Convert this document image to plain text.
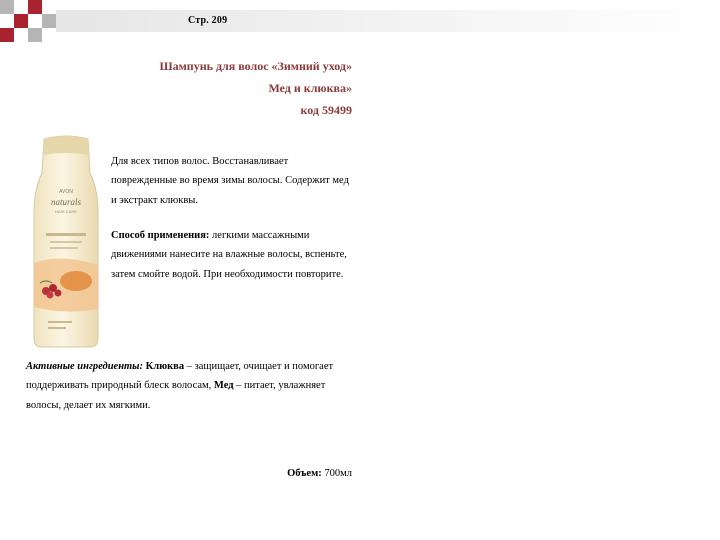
Стр. 209
Шампунь для волос «Зимний уход»
Мед и клюква»
код 59499
AVON
naturals
HAIR CARE
Для всех типов волос. Восстанавливает поврежденные во время зимы волосы. Содержит мед и экстракт клюквы.
Способ применения: легкими массажными движениями нанесите на влажные волосы, вспеньте, затем смойте водой. При необходимости повторите.
Активные ингредиенты: Клюква – защищает, очищает и помогает поддерживать природный блеск волосам, Мед – питает, увлажняет волосы, делает их мягкими.
Объем: 700мл
